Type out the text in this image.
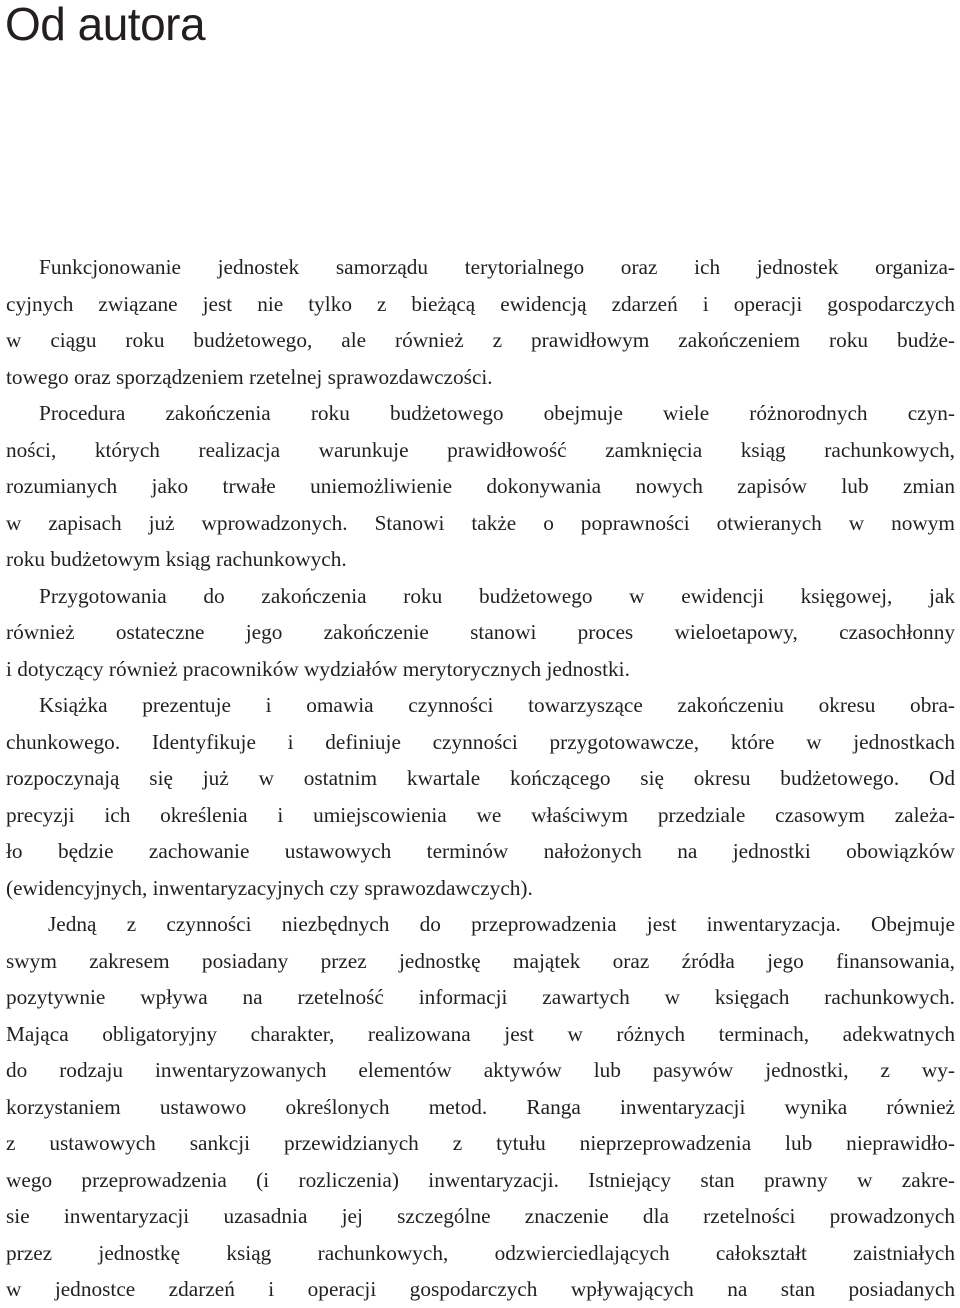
Od autora
Funkcjonowanie jednostek samorządu terytorialnego oraz ich jednostek organiza-
cyjnych związane jest nie tylko z bieżącą ewidencją zdarzeń i operacji gospodarczych
w ciągu roku budżetowego, ale również z prawidłowym zakończeniem roku budże-
towego oraz sporządzeniem rzetelnej sprawozdawczości.
Procedura zakończenia roku budżetowego obejmuje wiele różnorodnych czyn-
ności, których realizacja warunkuje prawidłowość zamknięcia ksiąg rachunkowych,
rozumianych jako trwałe uniemożliwienie dokonywania nowych zapisów lub zmian
w zapisach już wprowadzonych. Stanowi także o poprawności otwieranych w nowym
roku budżetowym ksiąg rachunkowych.
Przygotowania do zakończenia roku budżetowego w ewidencji księgowej, jak
również ostateczne jego zakończenie stanowi proces wieloetapowy, czasochłonny
i dotyczący również pracowników wydziałów merytorycznych jednostki.
Książka prezentuje i omawia czynności towarzyszące zakończeniu okresu obra-
chunkowego. Identyfikuje i definiuje czynności przygotowawcze, które w jednostkach
rozpoczynają się już w ostatnim kwartale kończącego się okresu budżetowego. Od
precyzji ich określenia i umiejscowienia we właściwym przedziale czasowym zależa-
ło będzie zachowanie ustawowych terminów nałożonych na jednostki obowiązków
(ewidencyjnych, inwentaryzacyjnych czy sprawozdawczych).
Jedną z czynności niezbędnych do przeprowadzenia jest inwentaryzacja. Obejmuje
swym zakresem posiadany przez jednostkę majątek oraz źródła jego finansowania,
pozytywnie wpływa na rzetelność informacji zawartych w księgach rachunkowych.
Mająca obligatoryjny charakter, realizowana jest w różnych terminach, adekwatnych
do rodzaju inwentaryzowanych elementów aktywów lub pasywów jednostki, z wy-
korzystaniem ustawowo określonych metod. Ranga inwentaryzacji wynika również
z ustawowych sankcji przewidzianych z tytułu nieprzeprowadzenia lub nieprawidło-
wego przeprowadzenia (i rozliczenia) inwentaryzacji. Istniejący stan prawny w zakre-
sie inwentaryzacji uzasadnia jej szczególne znaczenie dla rzetelności prowadzonych
przez jednostkę ksiąg rachunkowych, odzwierciedlających całokształt zaistniałych
w jednostce zdarzeń i operacji gospodarczych wpływających na stan posiadanych
